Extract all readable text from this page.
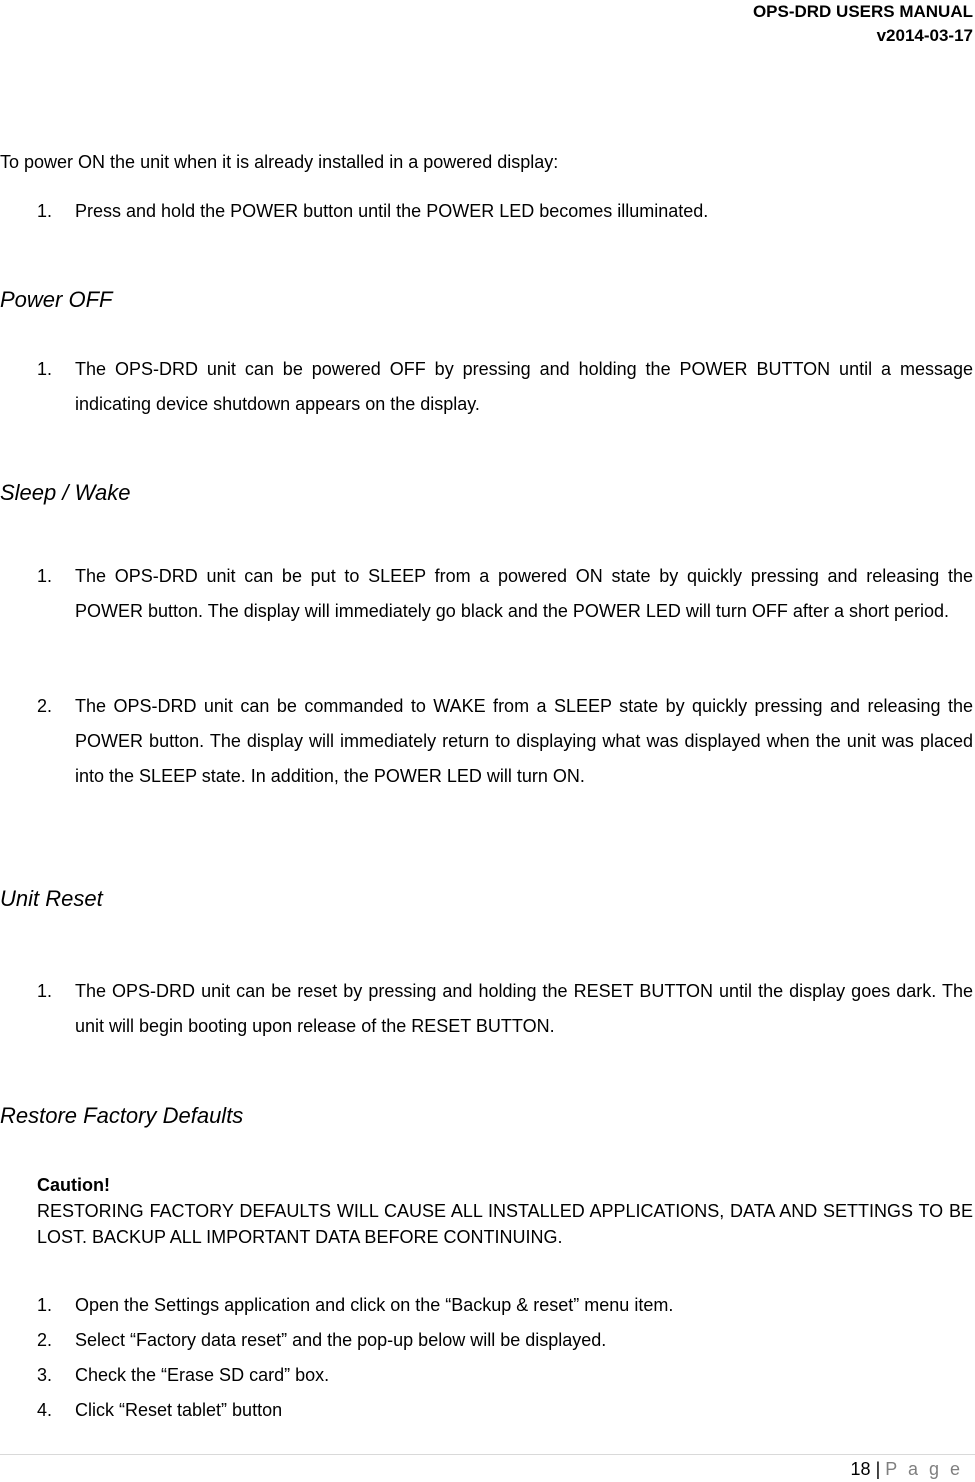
OPS-DRD USERS MANUAL
v2014-03-17
To power ON the unit when it is already installed in a powered display:
1. Press and hold the POWER button until the POWER LED becomes illuminated.
Power OFF
1. The OPS-DRD unit can be powered OFF by pressing and holding the POWER BUTTON until a message indicating device shutdown appears on the display.
Sleep / Wake
1. The OPS-DRD unit can be put to SLEEP from a powered ON state by quickly pressing and releasing the POWER button. The display will immediately go black and the POWER LED will turn OFF after a short period.
2. The OPS-DRD unit can be commanded to WAKE from a SLEEP state by quickly pressing and releasing the POWER button. The display will immediately return to displaying what was displayed when the unit was placed into the SLEEP state. In addition, the POWER LED will turn ON.
Unit Reset
1. The OPS-DRD unit can be reset by pressing and holding the RESET BUTTON until the display goes dark. The unit will begin booting upon release of the RESET BUTTON.
Restore Factory Defaults
Caution!
RESTORING FACTORY DEFAULTS WILL CAUSE ALL INSTALLED APPLICATIONS, DATA AND SETTINGS TO BE LOST. BACKUP ALL IMPORTANT DATA BEFORE CONTINUING.
1. Open the Settings application and click on the “Backup & reset” menu item.
2. Select “Factory data reset” and the pop-up below will be displayed.
3. Check the “Erase SD card” box.
4. Click “Reset tablet” button
18 | P a g e
